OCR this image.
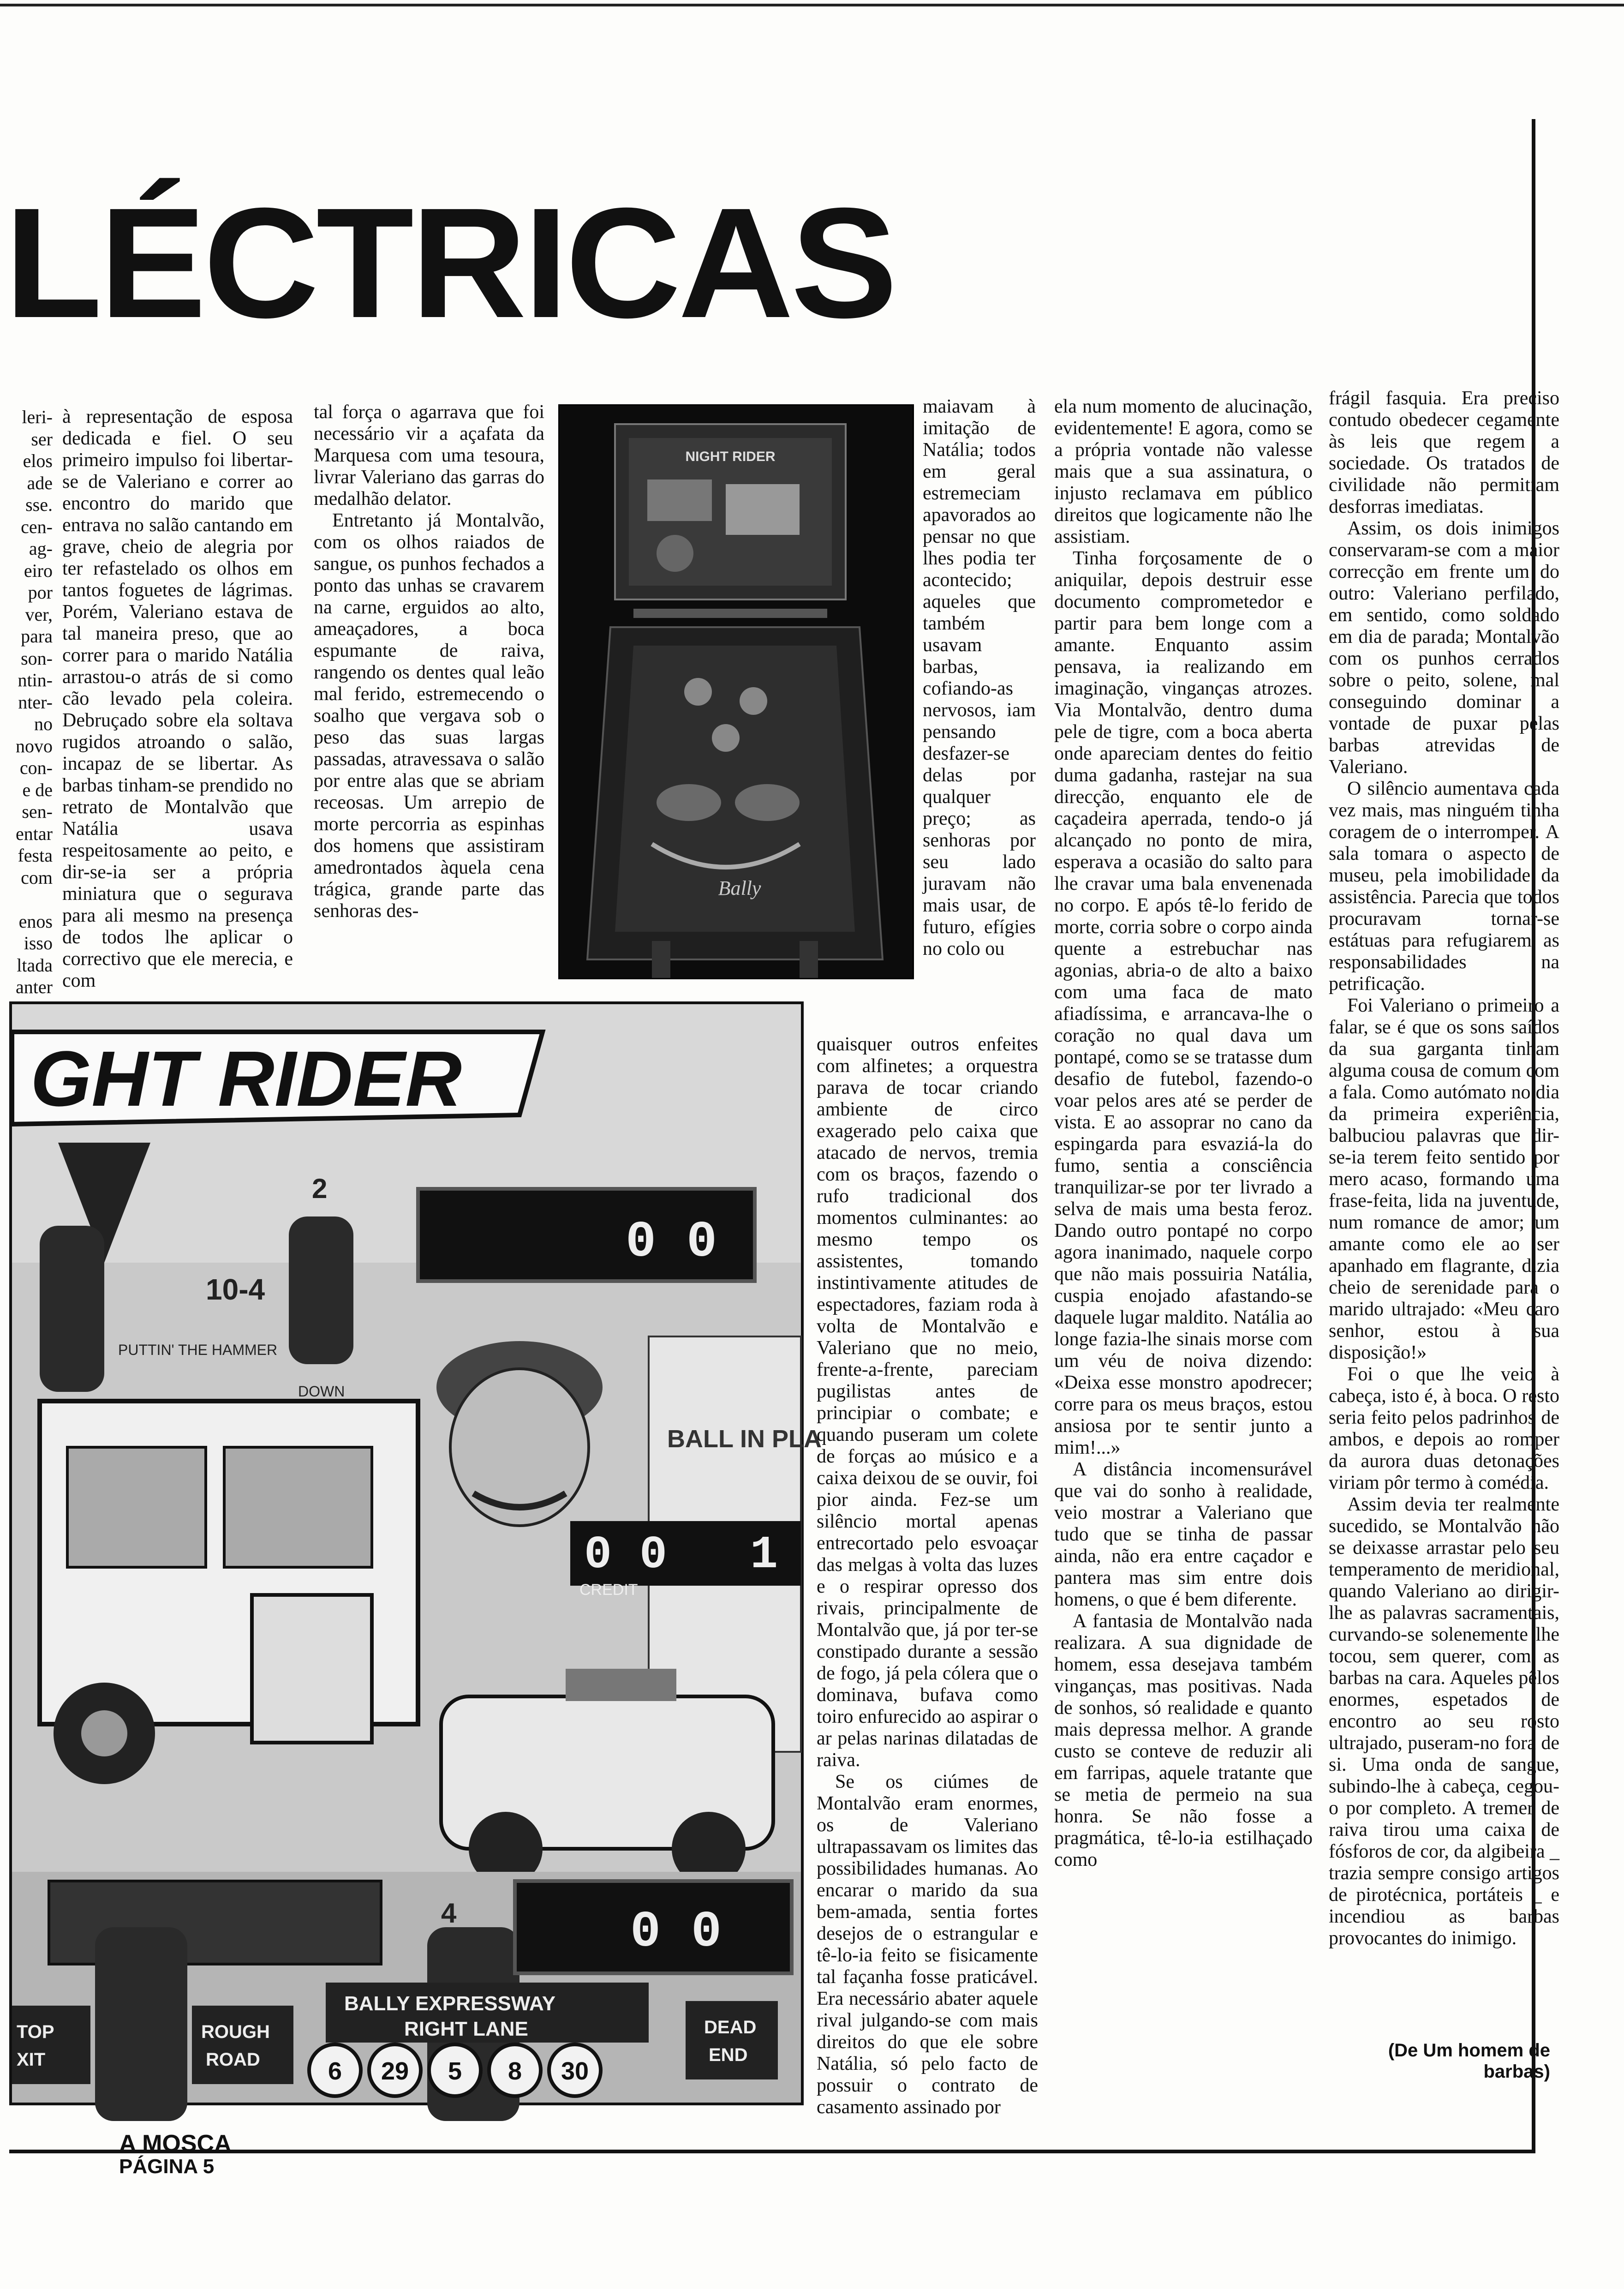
LÉCTRICAS
leri-
ser
elos
ade
sse.
cen-
ag-
eiro
por
ver,
para
son-
ntin-
nter-
no
novo
con-
e de
sen-
entar
festa
com

enos
isso
ltada
anter

à representação de esposa dedicada e fiel. O seu primeiro impulso foi libertar-se de Valeriano e correr ao encontro do marido que entrava no salão cantando em grave, cheio de alegria por ter refastelado os olhos em tantos foguetes de lágrimas. Porém, Valeriano estava de tal maneira preso, que ao correr para o marido Natália arrastou-o atrás de si como cão levado pela coleira. Debruçado sobre ela soltava rugidos atroando o salão, incapaz de se libertar. As barbas tinham-se prendido no retrato de Montalvão que Natália usava respeitosamente ao peito, e dir-se-ia ser a própria miniatura que o segurava para ali mesmo na presença de todos lhe aplicar o correctivo que ele merecia, e com

tal força o agarrava que foi necessário vir a açafata da Marquesa com uma tesoura, livrar Valeriano das garras do medalhão delator.

Entretanto já Montalvão, com os olhos raiados de sangue, os punhos fechados a ponto das unhas se cravarem na carne, erguidos ao alto, ameaçadores, a boca espumante de raiva, rangendo os dentes qual leão mal ferido, estremecendo o soalho que vergava sob o peso das suas largas passadas, atravessava o salão por entre alas que se abriam receosas. Um arrepio de morte percorria as espinhas dos homens que assistiram amedrontados àquela cena trágica, grande parte das senhoras des-

NIGHT RIDER
Bally

maiavam à imitação de Natália; todos em geral estremeciam apavorados ao pensar no que lhes podia ter acontecido; aqueles que também usavam barbas, cofiando-as nervosos, iam pensando desfazer-se delas por qualquer preço; as senhoras por seu lado juravam não mais usar, de futuro, efígies no colo ou

quaisquer outros enfeites com alfinetes; a orquestra parava de tocar criando ambiente de circo exagerado pelo caixa que atacado de nervos, tremia com os braços, fazendo o rufo tradicional dos momentos culminantes: ao mesmo tempo os assistentes, tomando instintivamente atitudes de espectadores, faziam roda à volta de Montalvão e Valeriano que no meio, frente-a-frente, pareciam pugilistas antes de principiar o combate; e quando puseram um colete de forças ao músico e a caixa deixou de se ouvir, foi pior ainda. Fez-se um silêncio mortal apenas entrecortado pelo esvoaçar das melgas à volta das luzes e o respirar opresso dos rivais, principalmente de Montalvão que, já por ter-se constipado durante a sessão de fogo, já pela cólera que o dominava, bufava como toiro enfurecido ao aspirar o ar pelas narinas dilatadas de raiva.

Se os ciúmes de Montalvão eram enormes, os de Valeriano ultrapassavam os limites das possibilidades humanas. Ao encarar o marido da sua bem-amada, sentia fortes desejos de o estrangular e tê-lo-ia feito se fisicamente tal façanha fosse praticável. Era necessário abater aquele rival julgando-se com mais direitos do que ele sobre Natália, só pelo facto de possuir o contrato de casamento assinado por

ela num momento de alucinação, evidentemente! E agora, como se a própria vontade não valesse mais que a sua assinatura, o injusto reclamava em público direitos que logicamente não lhe assistiam.

Tinha forçosamente de o aniquilar, depois destruir esse documento comprometedor e partir para bem longe com a amante. Enquanto assim pensava, ia realizando em imaginação, vinganças atrozes. Via Montalvão, dentro duma pele de tigre, com a boca aberta onde apareciam dentes do feitio duma gadanha, rastejar na sua direcção, enquanto ele de caçadeira aperrada, tendo-o já alcançado no ponto de mira, esperava a ocasião do salto para lhe cravar uma bala envenenada no corpo. E após tê-lo ferido de morte, corria sobre o corpo ainda quente a estrebuchar nas agonias, abria-o de alto a baixo com uma faca de mato afiadíssima, e arrancava-lhe o coração no qual dava um pontapé, como se se tratasse dum desafio de futebol, fazendo-o voar pelos ares até se perder de vista. E ao assoprar no cano da espingarda para esvaziá-la do fumo, sentia a consciência tranquilizar-se por ter livrado a selva de mais uma besta feroz. Dando outro pontapé no corpo agora inanimado, naquele corpo que não mais possuiria Natália, cuspia enojado afastando-se daquele lugar maldito. Natália ao longe fazia-lhe sinais morse com um véu de noiva dizendo: «Deixa esse monstro apodrecer; corre para os meus braços, estou ansiosa por te sentir junto a mim!...»

A distância incomensurável que vai do sonho à realidade, veio mostrar a Valeriano que tudo que se tinha de passar ainda, não era entre caçador e pantera mas sim entre dois homens, o que é bem diferente.

A fantasia de Montalvão nada realizara. A sua dignidade de homem, essa desejava também vinganças, mas positivas. Nada de sonhos, só realidade e quanto mais depressa melhor. A grande custo se conteve de reduzir ali em farripas, aquele tratante que se metia de permeio na sua honra. Se não fosse a pragmática, tê-lo-ia estilhaçado como

frágil fasquia. Era preciso contudo obedecer cegamente às leis que regem a sociedade. Os tratados de civilidade não permitiam desforras imediatas.

Assim, os dois inimigos conservaram-se com a maior correcção em frente um do outro: Valeriano perfilado, em sentido, como soldado em dia de parada; Montalvão com os punhos cerrados sobre o peito, solene, mal conseguindo dominar a vontade de puxar pelas barbas atrevidas de Valeriano.

O silêncio aumentava cada vez mais, mas ninguém tinha coragem de o interromper. A sala tomara o aspecto de museu, pela imobilidade da assistência. Parecia que todos procuravam tornar-se estátuas para refugiarem as responsabilidades na petrificação.

Foi Valeriano o primeiro a falar, se é que os sons saídos da sua garganta tinham alguma cousa de comum com a fala. Como autómato no dia da primeira experiência, balbuciou palavras que dir-se-ia terem feito sentido por mero acaso, formando uma frase-feita, lida na juventude, num romance de amor; um amante como ele ao ser apanhado em flagrante, dizia cheio de serenidade para o marido ultrajado: «Meu caro senhor, estou à sua disposição!»

Foi o que lhe veio à cabeça, isto é, à boca. O resto seria feito pelos padrinhos de ambos, e depois ao romper da aurora duas detonações viriam pôr termo à comédia.

Assim devia ter realmente sucedido, se Montalvão não se deixasse arrastar pelo seu temperamento de meridional, quando Valeriano ao dirigir-lhe as palavras sacramentais, curvando-se solenemente lhe tocou, sem querer, com as barbas na cara. Aqueles pêlos enormes, espetados de encontro ao seu rosto ultrajado, puseram-no fora de si. Uma onda de sangue, subindo-lhe à cabeça, cegou-o por completo. A tremer de raiva tirou uma caixa de fósforos de cor, da algibeira _ trazia sempre consigo artigos de pirotécnica, portáteis _ e incendiou as barbas provocantes do inimigo.

(De Um homem de barbas)
GHT RIDER
2
0 0
10-4
PUTTIN' THE HAMMER
DOWN
BALL IN PLA
0 0 1
CREDIT
4	0 0
TOP
XIT
ROUGH
ROAD
BALLY EXPRESSWAY
RIGHT LANE	DEAD
END
6 29 5 8 30
A MOSCA
PÁGINA 5
